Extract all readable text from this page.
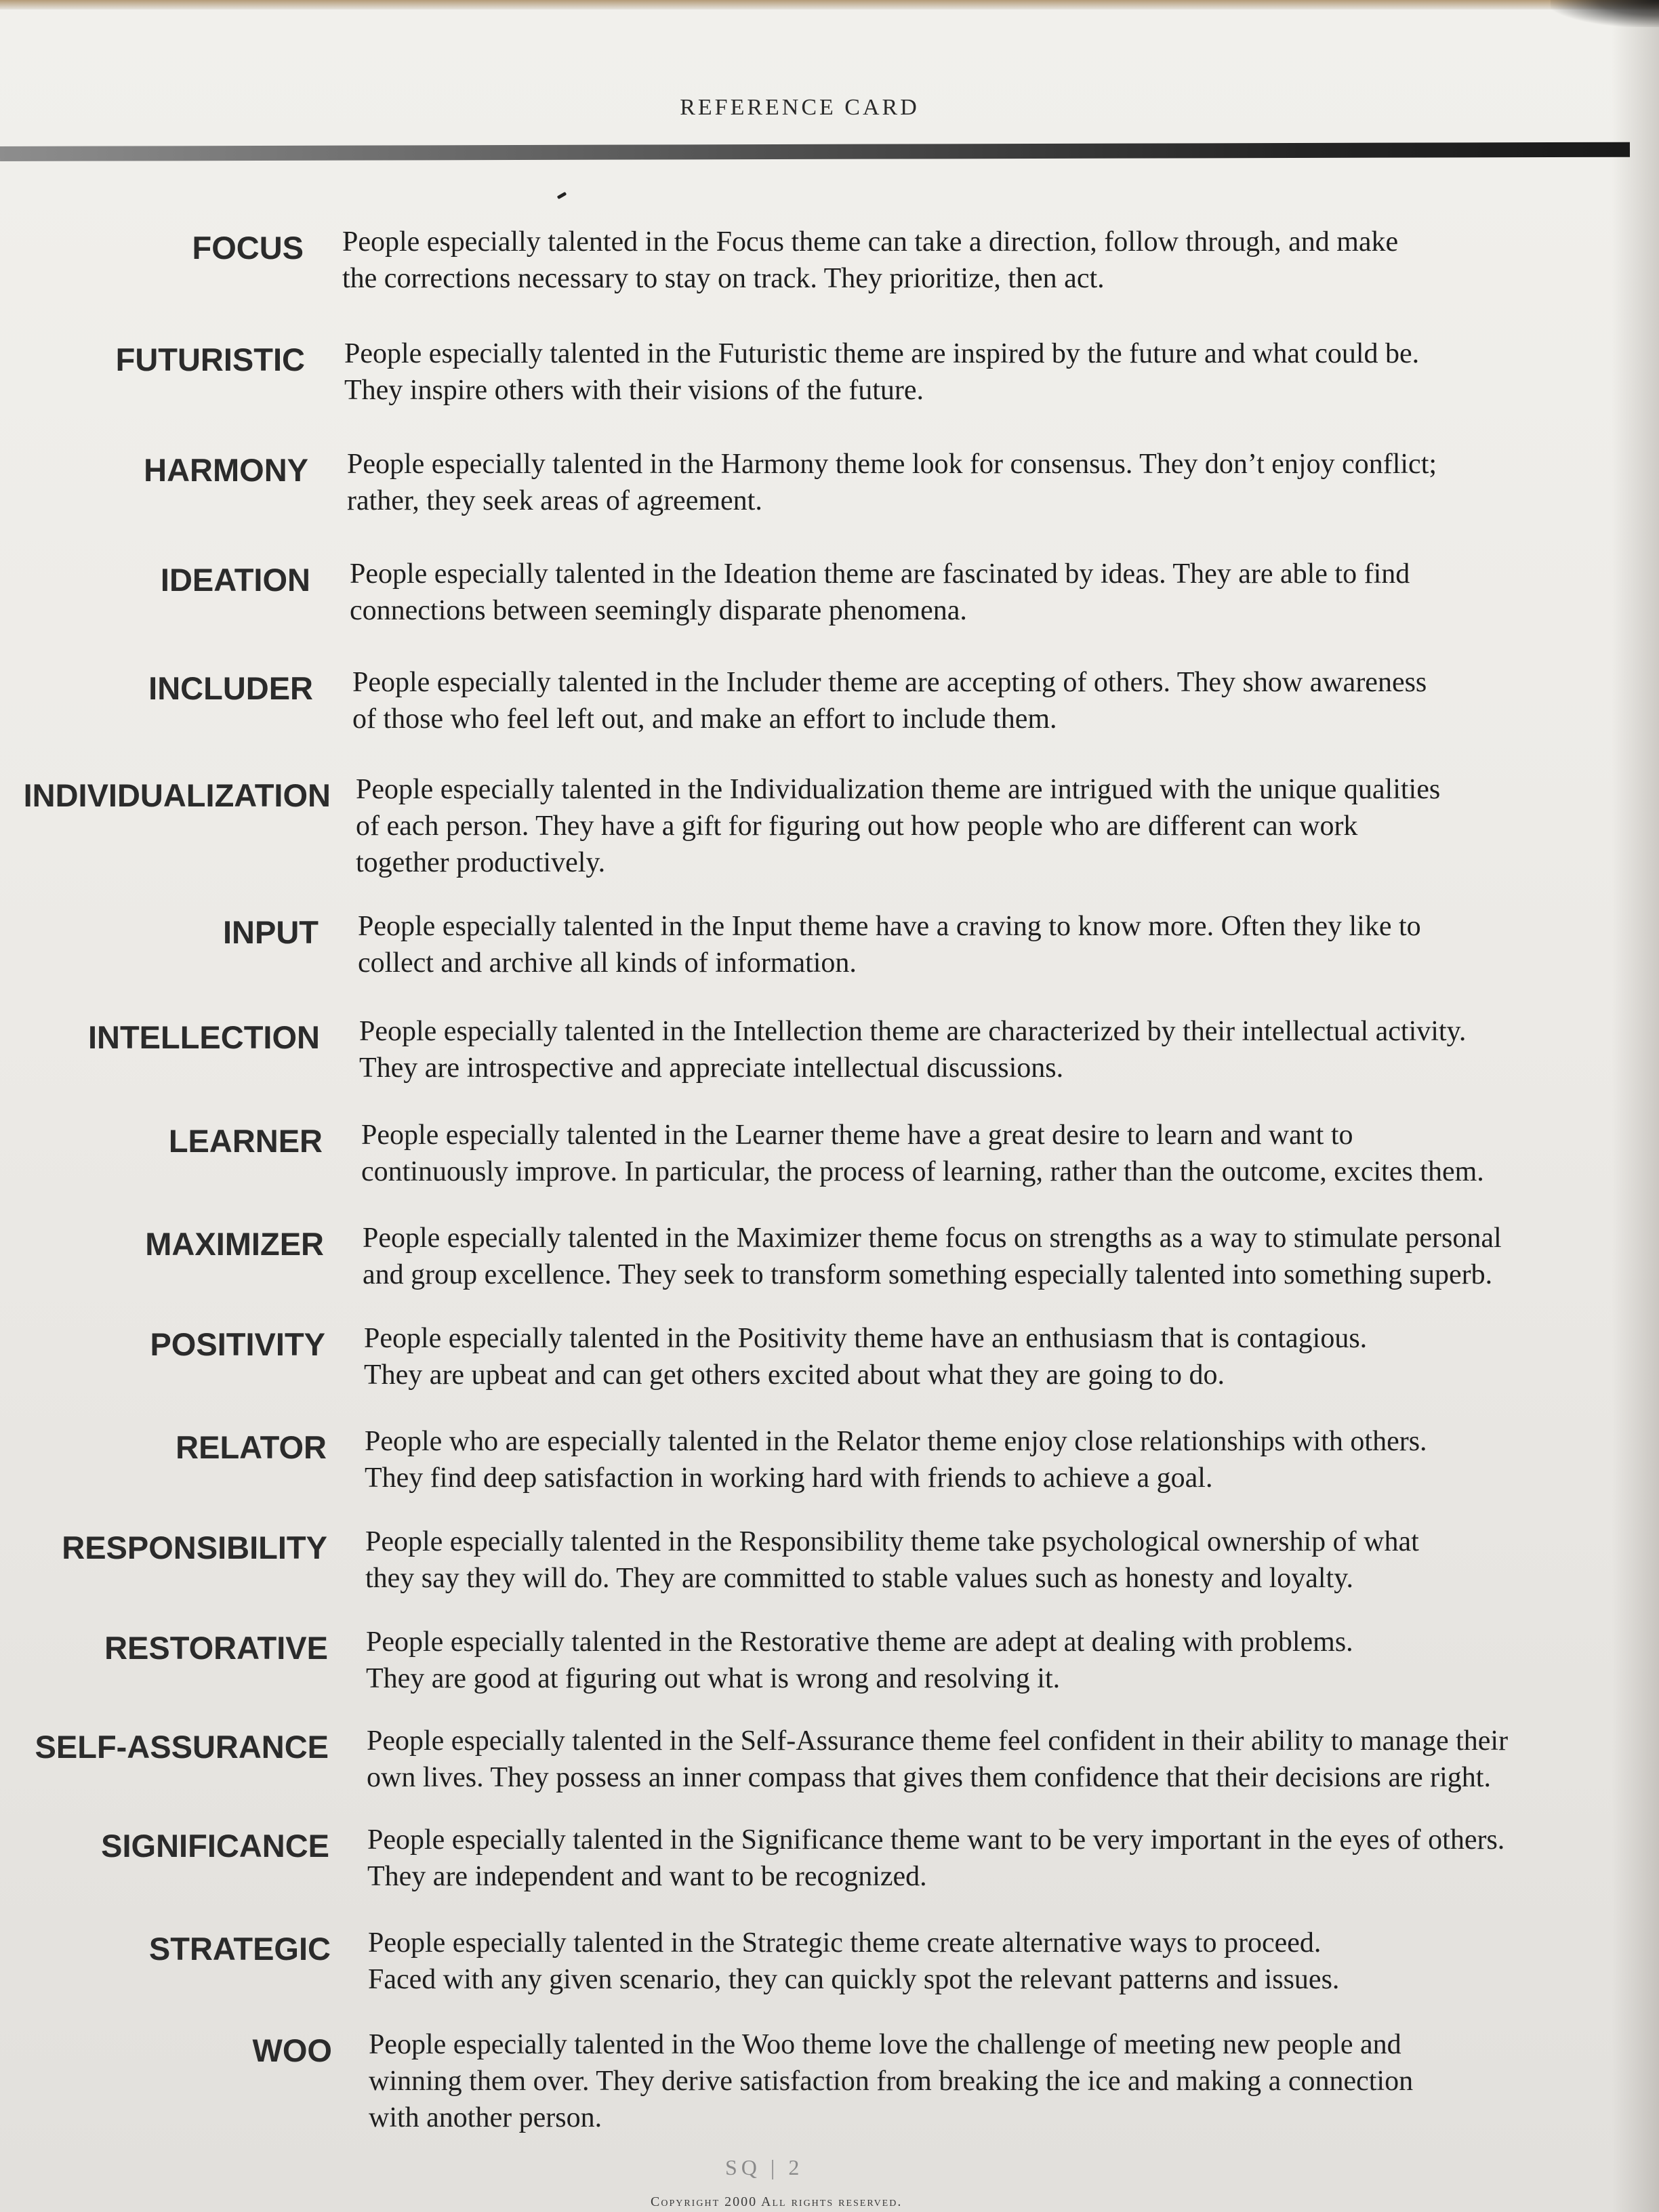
REFERENCE CARD
FOCUS People especially talented in the Focus theme can take a direction, follow through, and make
the corrections necessary to stay on track. They prioritize, then act.
FUTURISTIC People especially talented in the Futuristic theme are inspired by the future and what could be.
They inspire others with their visions of the future.
HARMONY People especially talented in the Harmony theme look for consensus. They don’t enjoy conflict;
rather, they seek areas of agreement.
IDEATION People especially talented in the Ideation theme are fascinated by ideas. They are able to find
connections between seemingly disparate phenomena.
INCLUDER People especially talented in the Includer theme are accepting of others. They show awareness
of those who feel left out, and make an effort to include them.
INDIVIDUALIZATION People especially talented in the Individualization theme are intrigued with the unique qualities
of each person. They have a gift for figuring out how people who are different can work
together productively.
INPUT People especially talented in the Input theme have a craving to know more. Often they like to
collect and archive all kinds of information.
INTELLECTION People especially talented in the Intellection theme are characterized by their intellectual activity.
They are introspective and appreciate intellectual discussions.
LEARNER People especially talented in the Learner theme have a great desire to learn and want to
continuously improve. In particular, the process of learning, rather than the outcome, excites them.
MAXIMIZER People especially talented in the Maximizer theme focus on strengths as a way to stimulate personal
and group excellence. They seek to transform something especially talented into something superb.
POSITIVITY People especially talented in the Positivity theme have an enthusiasm that is contagious.
They are upbeat and can get others excited about what they are going to do.
RELATOR People who are especially talented in the Relator theme enjoy close relationships with others.
They find deep satisfaction in working hard with friends to achieve a goal.
RESPONSIBILITY People especially talented in the Responsibility theme take psychological ownership of what
they say they will do. They are committed to stable values such as honesty and loyalty.
RESTORATIVE People especially talented in the Restorative theme are adept at dealing with problems.
They are good at figuring out what is wrong and resolving it.
SELF-ASSURANCE People especially talented in the Self-Assurance theme feel confident in their ability to manage their
own lives. They possess an inner compass that gives them confidence that their decisions are right.
SIGNIFICANCE People especially talented in the Significance theme want to be very important in the eyes of others.
They are independent and want to be recognized.
STRATEGIC People especially talented in the Strategic theme create alternative ways to proceed.
Faced with any given scenario, they can quickly spot the relevant patterns and issues.
WOO People especially talented in the Woo theme love the challenge of meeting new people and
winning them over. They derive satisfaction from breaking the ice and making a connection
with another person.
SQ | 2
Copyright 2000 All rights reserved.
